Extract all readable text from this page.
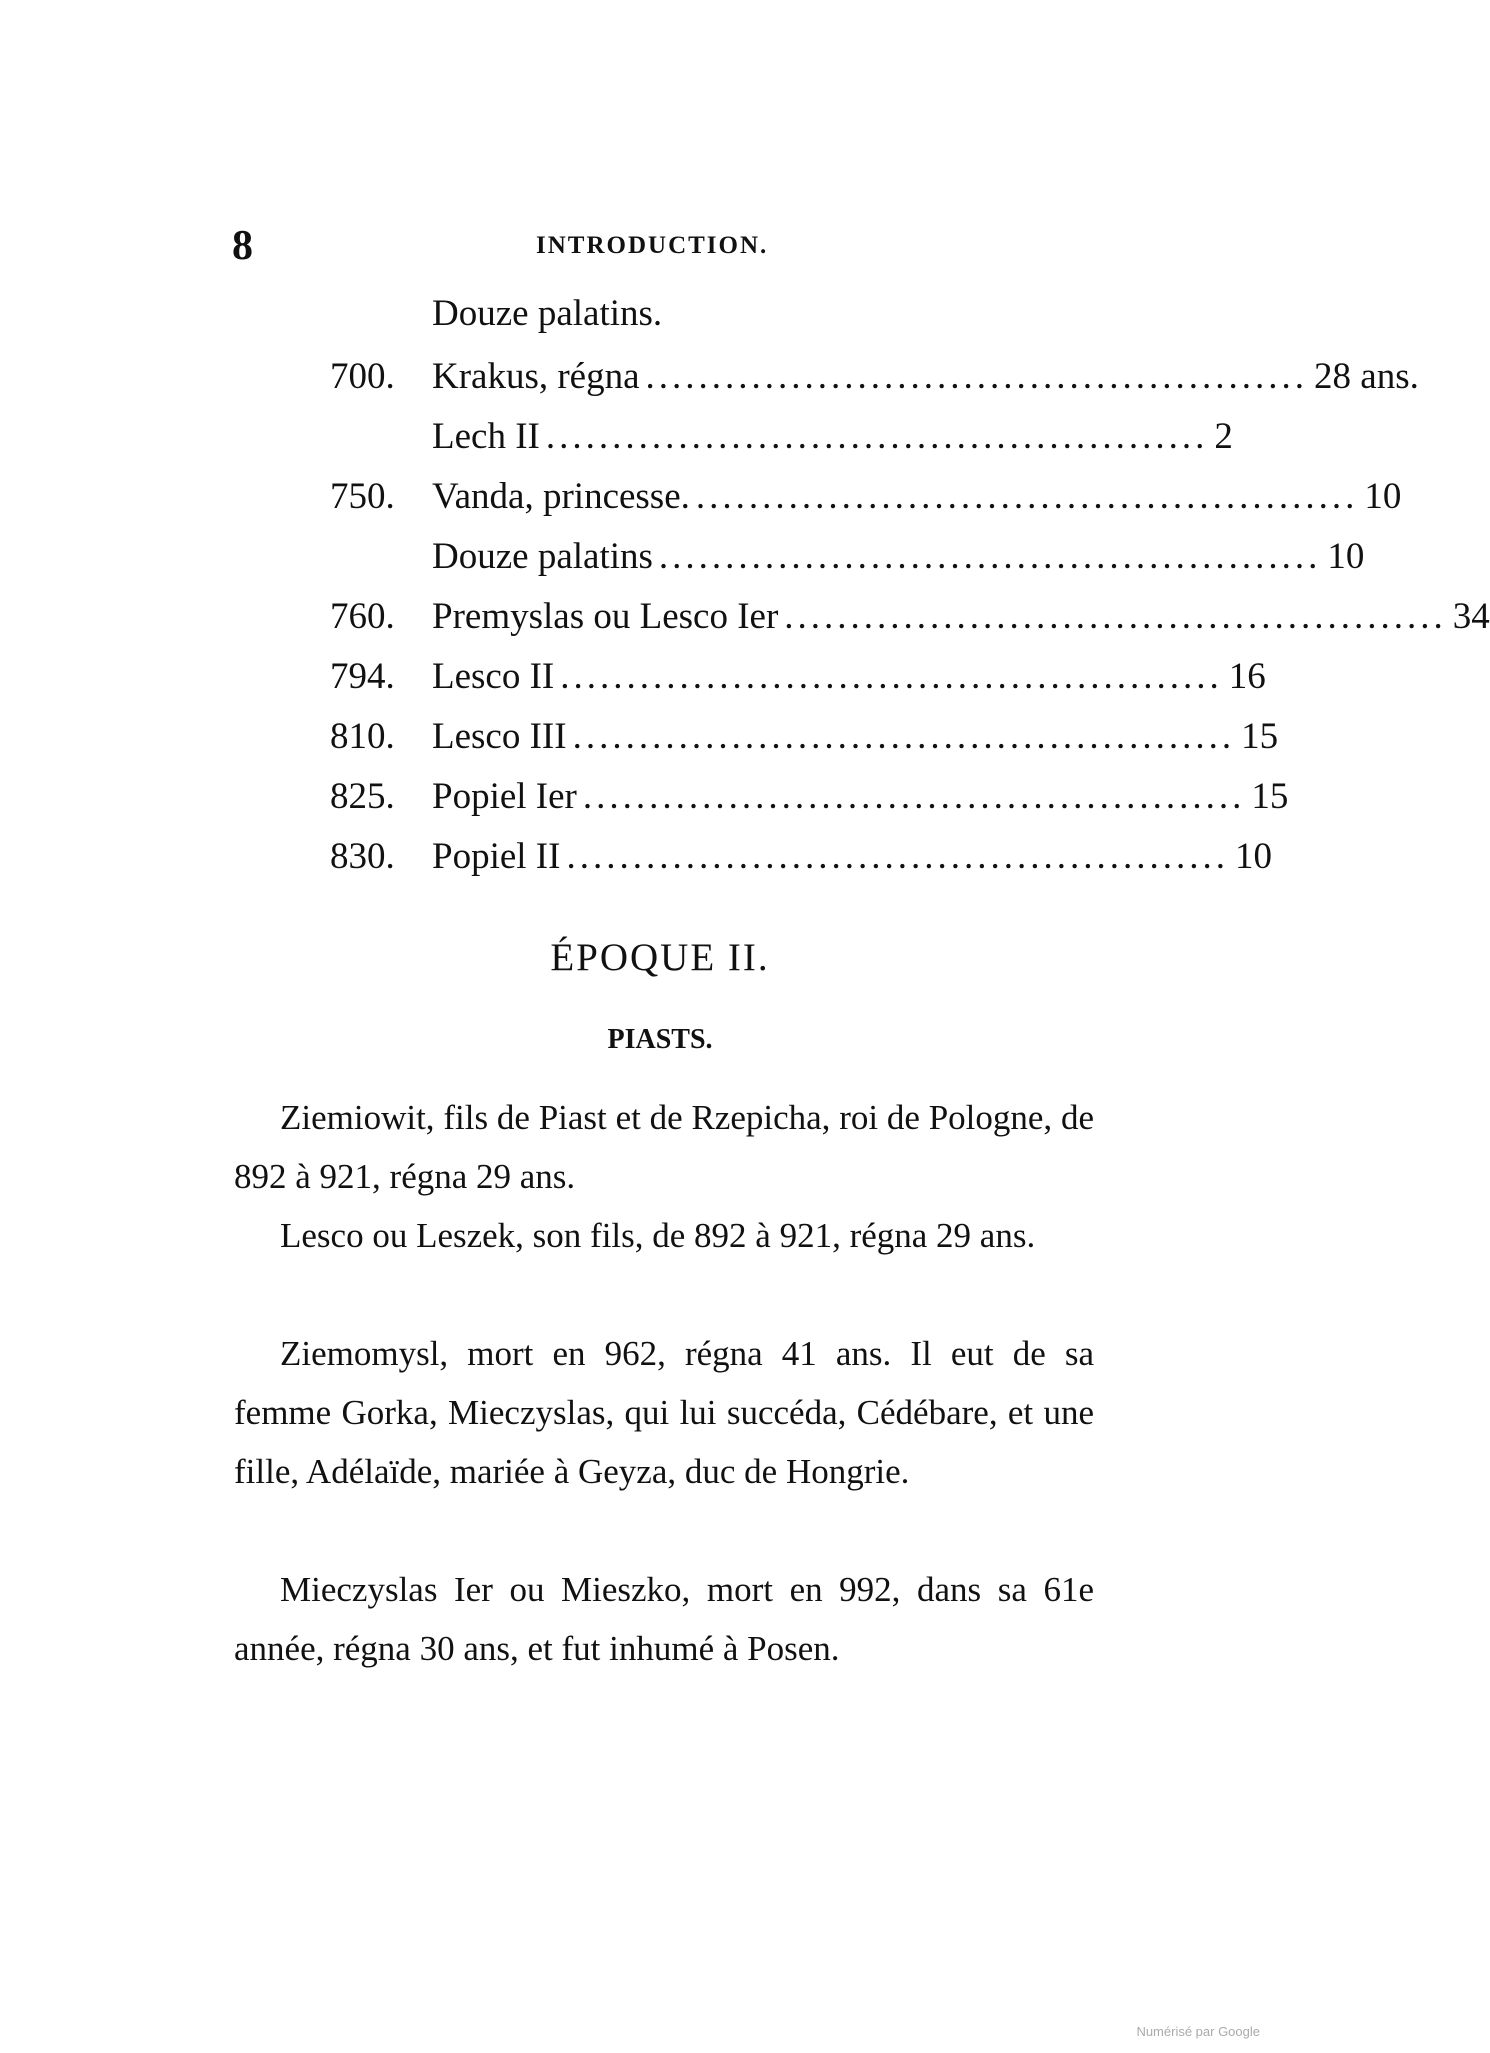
8	INTRODUCTION.
Douze palatins.
700. Krakus, régna .................................................. 28 ans.
Lech II .................................................. 2
750. Vanda, princesse. .................................................. 10
Douze palatins .................................................. 10
760. Premyslas ou Lesco Ier .................................................. 34
794. Lesco II .................................................. 16
810. Lesco III .................................................. 15
825. Popiel Ier .................................................. 15
830. Popiel II .................................................. 10
ÉPOQUE II.
PIASTS.

Ziemiowit, fils de Piast et de Rzepicha, roi de Pologne, de 892 à 921, régna 29 ans.

Lesco ou Leszek, son fils, de 892 à 921, régna 29 ans.

Ziemomysl, mort en 962, régna 41 ans. Il eut de sa femme Gorka, Mieczyslas, qui lui succéda, Cédébare, et une fille, Adélaïde, mariée à Geyza, duc de Hongrie.

Mieczyslas Ier ou Mieszko, mort en 992, dans sa 61e année, régna 30 ans, et fut inhumé à Posen.

Numérisé par Google
